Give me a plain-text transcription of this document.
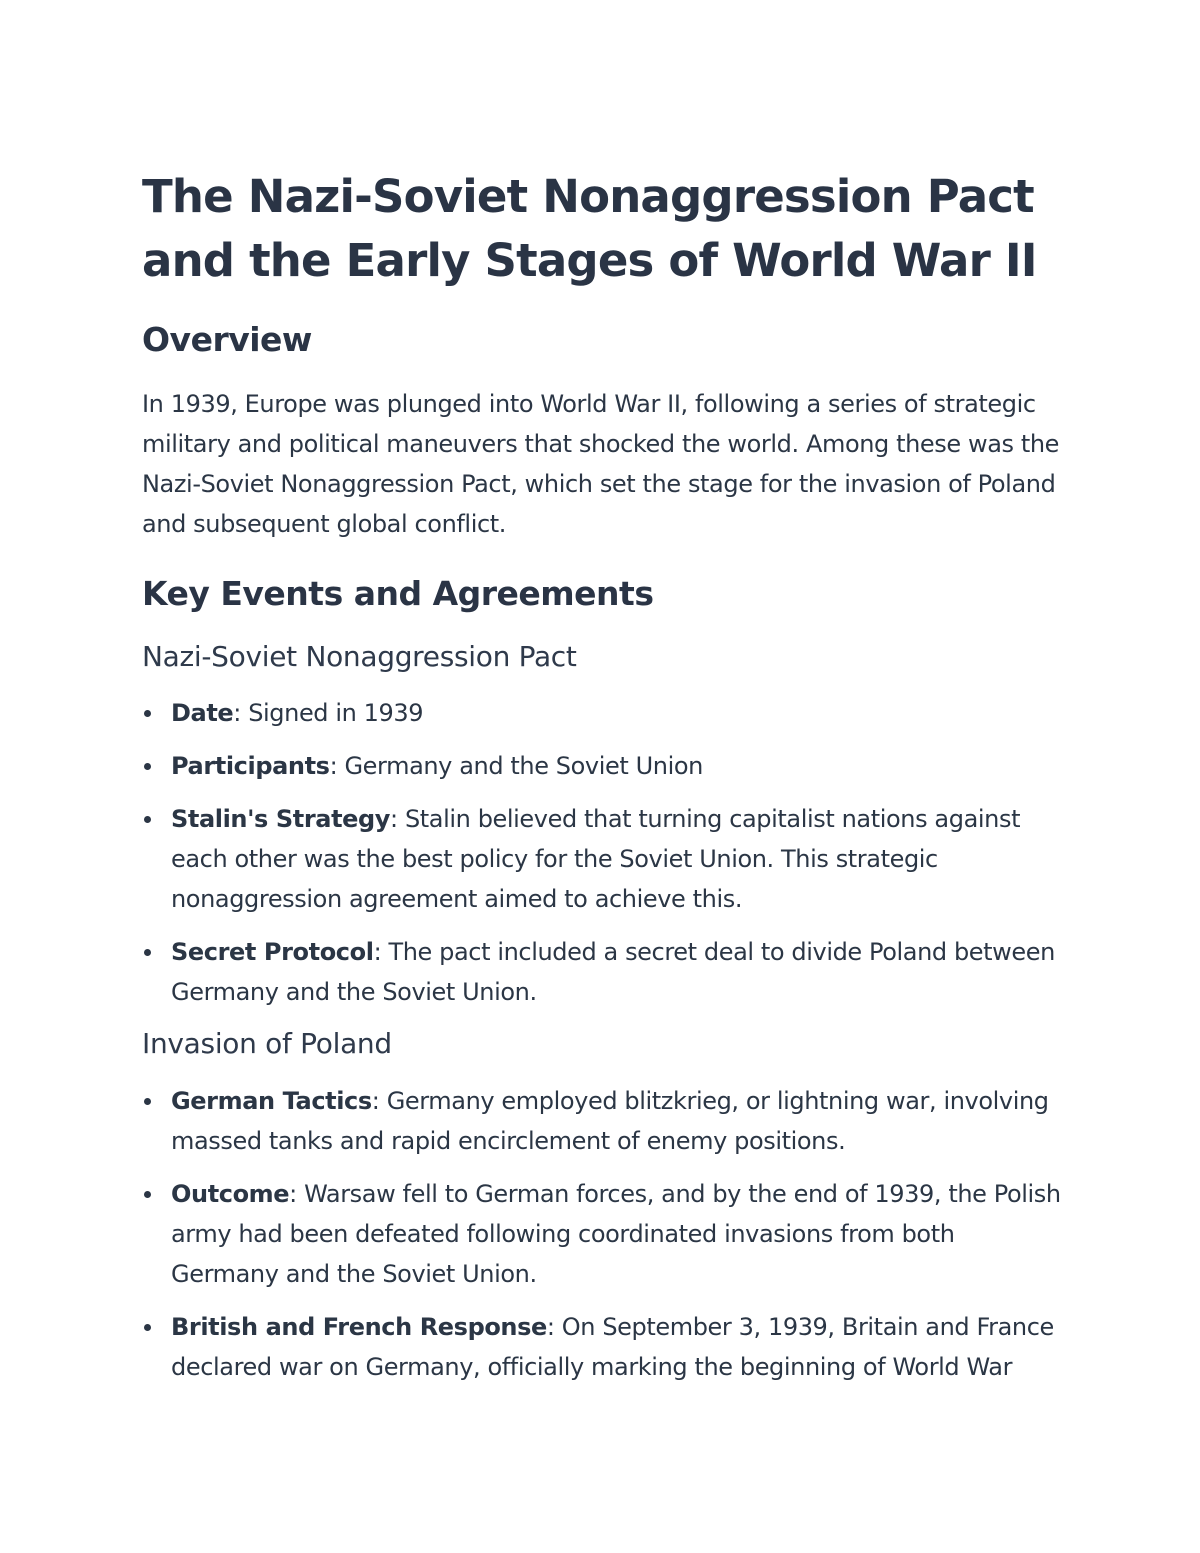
The Nazi-Soviet Nonaggression Pact
and the Early Stages of World War II
Overview

In 1939, Europe was plunged into World War II, following a series of strategic military and political maneuvers that shocked the world. Among these was the Nazi-Soviet Nonaggression Pact, which set the stage for the invasion of Poland and subsequent global conflict.

Key Events and Agreements
Nazi-Soviet Nonaggression Pact
Date: Signed in 1939
Participants: Germany and the Soviet Union
Stalin's Strategy: Stalin believed that turning capitalist nations against each other was the best policy for the Soviet Union. This strategic nonaggression agreement aimed to achieve this.
Secret Protocol: The pact included a secret deal to divide Poland between Germany and the Soviet Union.
Invasion of Poland
German Tactics: Germany employed blitzkrieg, or lightning war, involving massed tanks and rapid encirclement of enemy positions.
Outcome: Warsaw fell to German forces, and by the end of 1939, the Polish army had been defeated following coordinated invasions from both Germany and the Soviet Union.
British and French Response: On September 3, 1939, Britain and France declared war on Germany, officially marking the beginning of World War
